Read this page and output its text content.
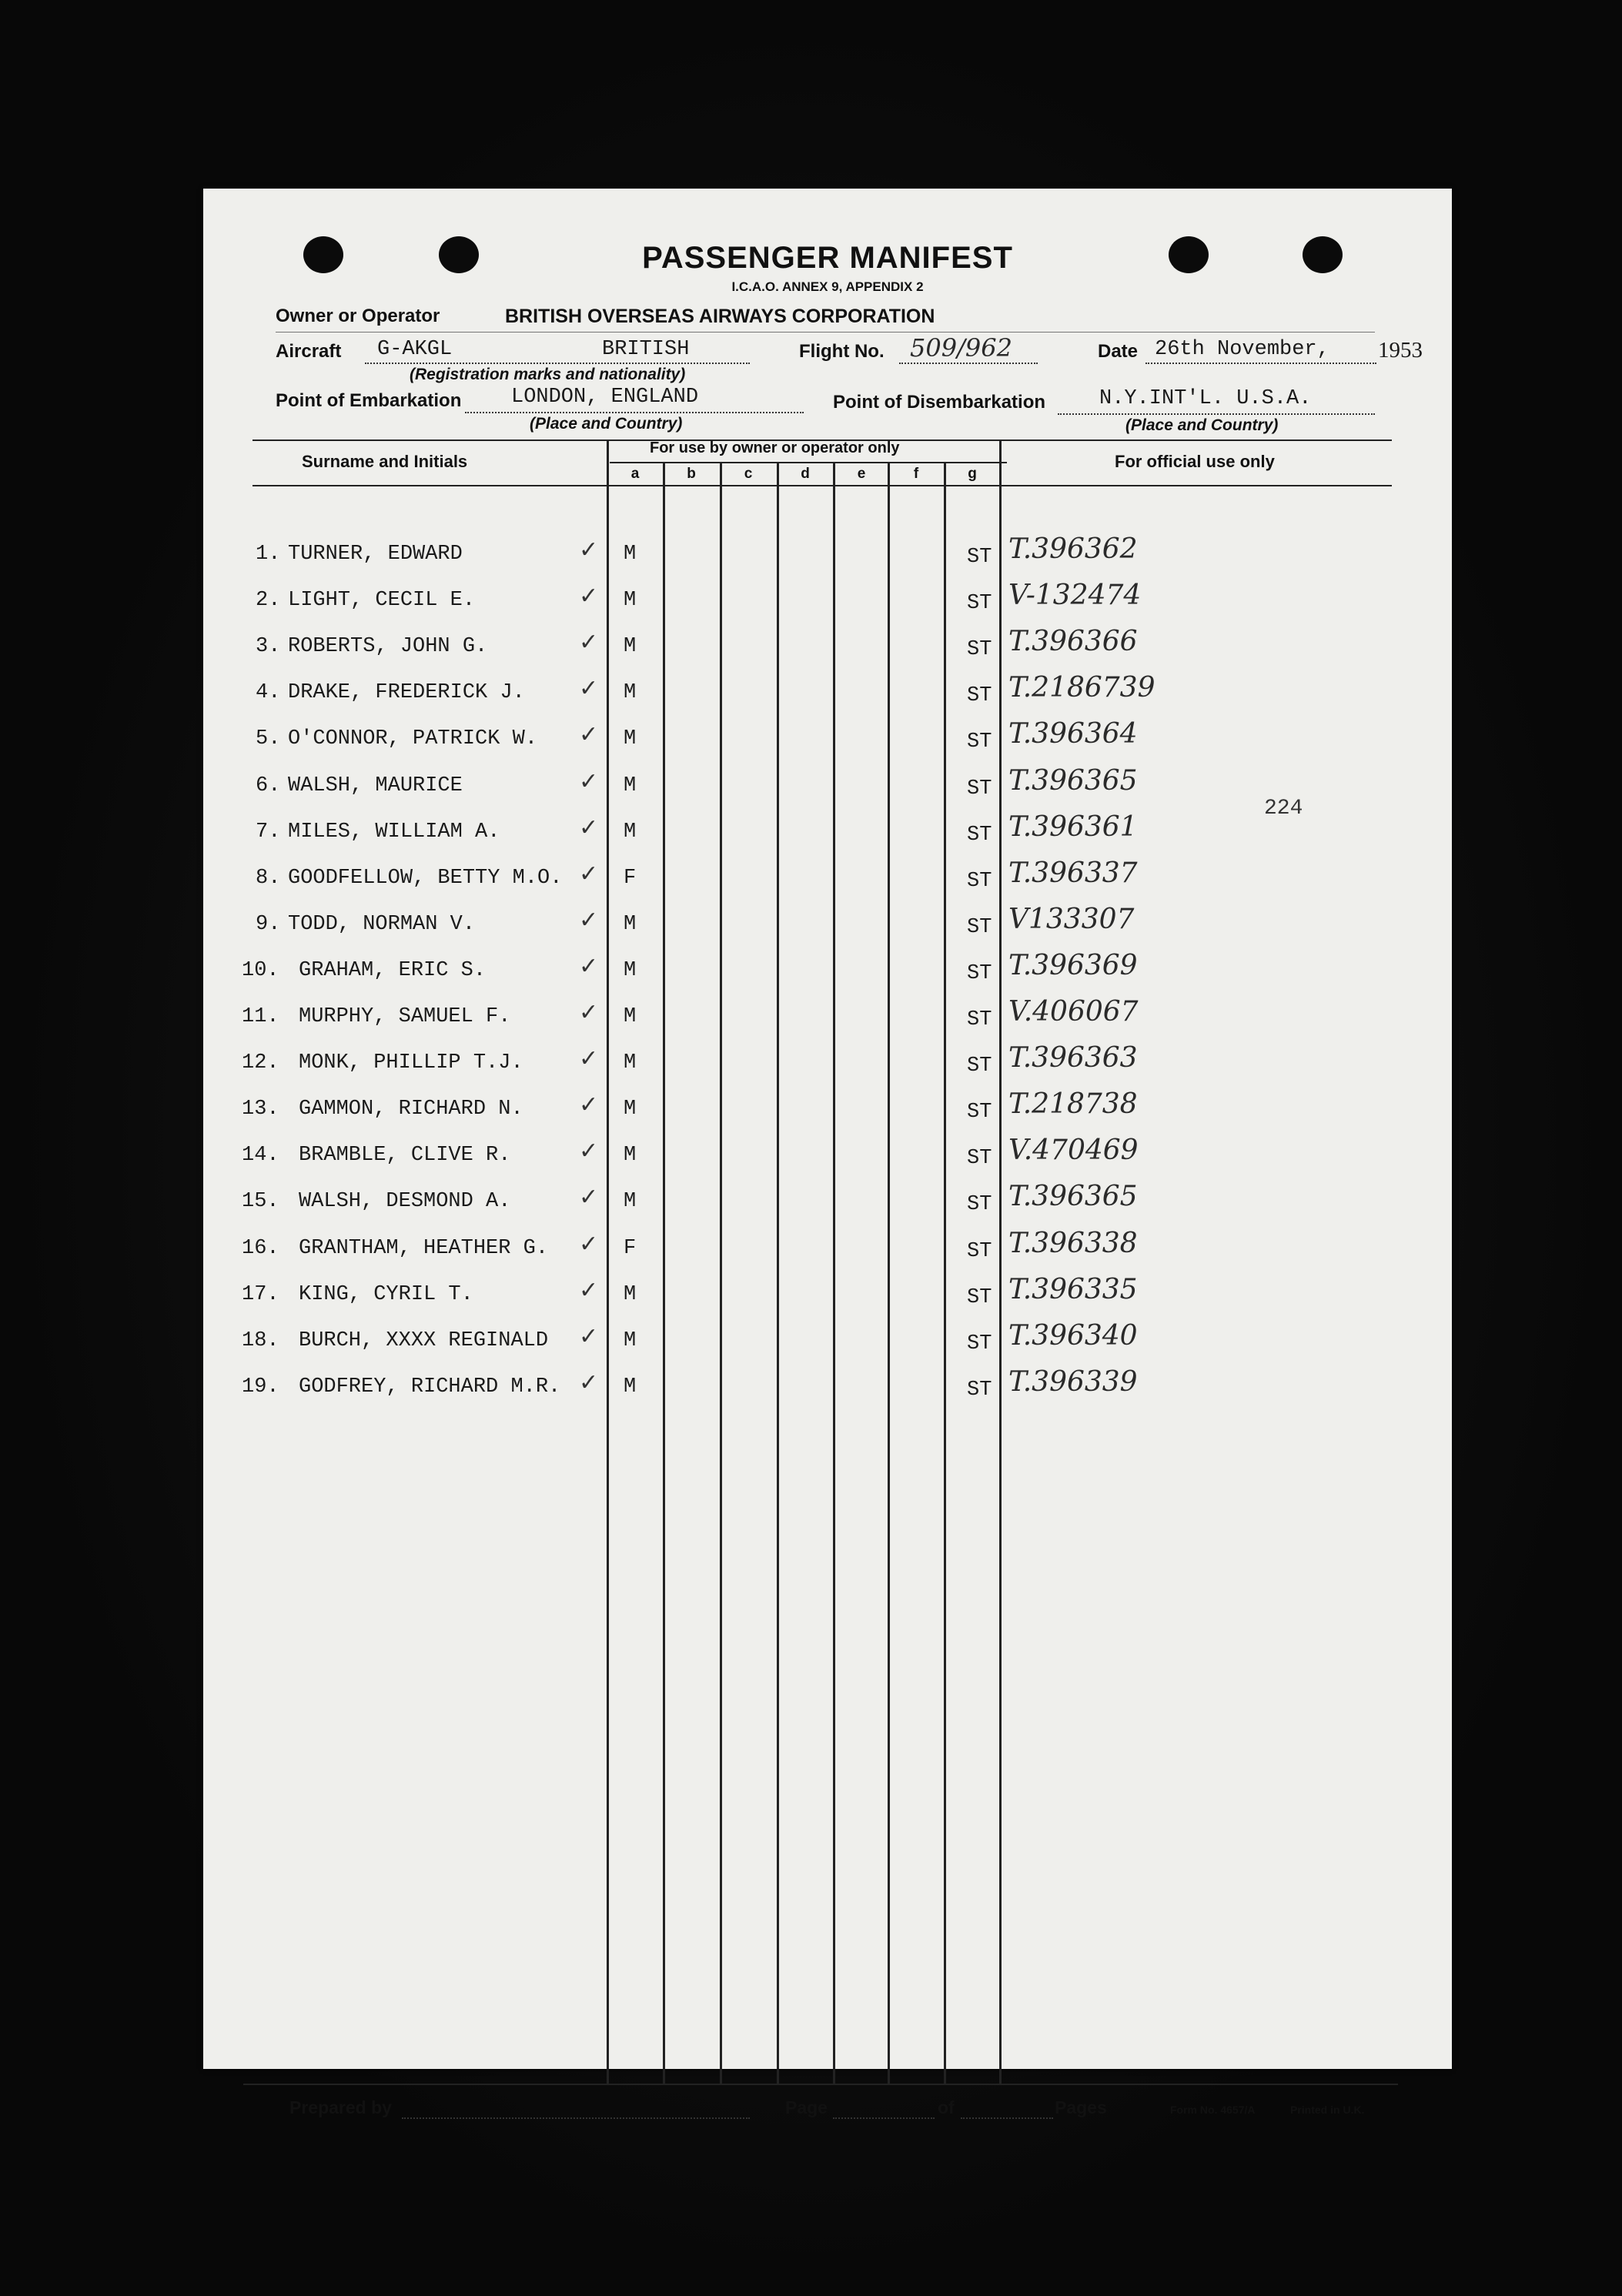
PASSENGER MANIFEST
I.C.A.O. ANNEX 9, APPENDIX 2
Owner or Operator	BRITISH OVERSEAS AIRWAYS CORPORATION
Aircraft G-AKGL	BRITISH	Flight No. 509/962	Date 26th November, 1953
(Registration marks and nationality)
Point of Embarkation LONDON, ENGLAND	Point of Disembarkation	N.Y.INT'L. U.S.A.
(Place and Country)	(Place and Country)
Surname and Initials
For use by owner or operator only
For official use only
a	b	c	d	e	f	g
1. TURNER, EDWARD	✓ M	ST T.396362
2. LIGHT, CECIL E.	✓ M	ST V-132474
3. ROBERTS, JOHN G.	✓ M	ST T.396366
4. DRAKE, FREDERICK J. ✓ M	ST T.2186739
5. O'CONNOR, PATRICK W. ✓ M	ST T.396364
6. WALSH, MAURICE	✓ M	ST T.396365
7. MILES, WILLIAM A.	✓ M	ST T.396361
8. GOODFELLOW, BETTY M.O. ✓ F	ST T.396337
9. TODD, NORMAN V.	✓ M	ST V133307
10. GRAHAM, ERIC S.	✓ M	ST T.396369
11. MURPHY, SAMUEL F.	✓ M	ST V.406067
12. MONK, PHILLIP T.J. ✓ M	ST T.396363
13. GAMMON, RICHARD N. ✓ M	ST T.218738
14. BRAMBLE, CLIVE R.	✓ M	ST V.470469
15. WALSH, DESMOND A.	✓ M	ST T.396365
16. GRANTHAM, HEATHER G. ✓ F	ST T.396338
17. KING, CYRIL T.	✓ M	ST T.396335
18. BURCH, XXXX REGINALD ✓ M	ST T.396340
19. GODFREY, RICHARD M.R. ✓ M	ST T.396339
224
Prepared by	Page	of	Pages	Form No. 4657/A	Printed in U.K.
